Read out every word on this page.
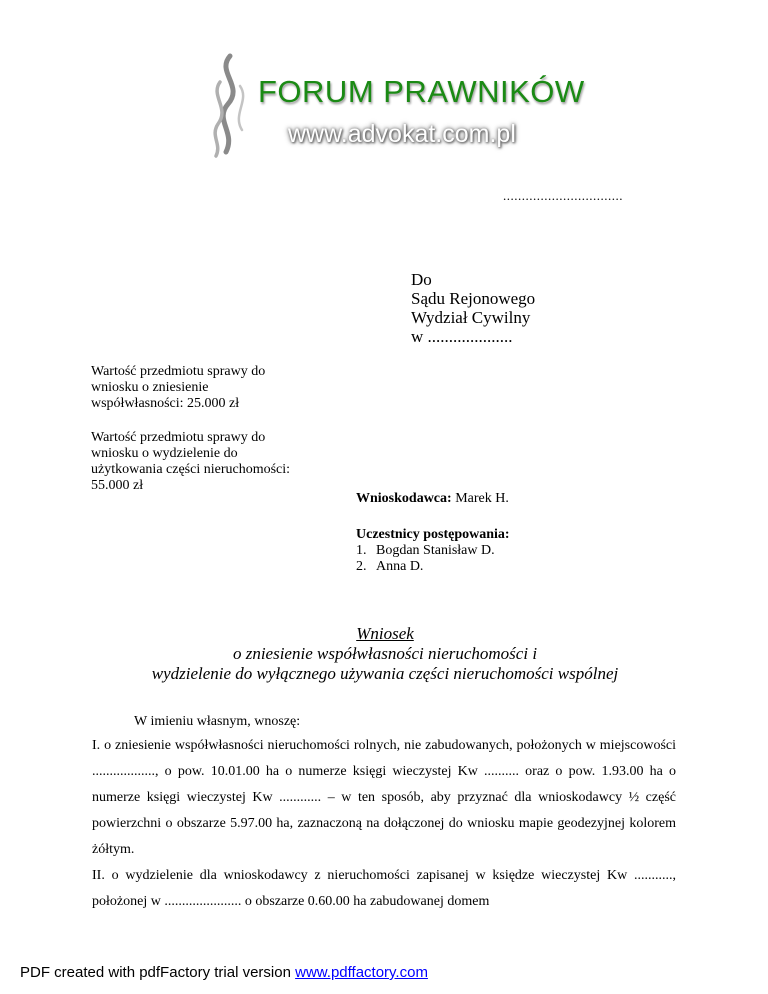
FORUM PRAWNIKÓW
www.advokat.com.pl
................................
Do
Sądu Rejonowego
Wydział Cywilny
w ....................
Wartość przedmiotu sprawy do wniosku o zniesienie współwłasności: 25.000 zł
Wartość przedmiotu sprawy do wniosku o wydzielenie do użytkowania części nieruchomości: 55.000 zł
Wnioskodawca: Marek H.
Uczestnicy postępowania:
1. Bogdan Stanisław D.
2. Anna D.
Wniosek
o zniesienie współwłasności nieruchomości i
wydzielenie do wyłącznego używania części nieruchomości wspólnej
W imieniu własnym, wnoszę:

I. o zniesienie współwłasności nieruchomości rolnych, nie zabudowanych, położonych w miejscowości .................., o pow. 10.01.00 ha o numerze księgi wieczystej Kw .......... oraz o pow. 1.93.00 ha o numerze księgi wieczystej Kw ............ – w ten sposób, aby przyznać dla wnioskodawcy ½ część powierzchni o obszarze 5.97.00 ha, zaznaczoną na dołączonej do wniosku mapie geodezyjnej kolorem żółtym.

II. o wydzielenie dla wnioskodawcy z nieruchomości zapisanej w księdze wieczystej Kw ..........., położonej w ...................... o obszarze 0.60.00 ha zabudowanej domem

PDF created with pdfFactory trial version www.pdffactory.com
